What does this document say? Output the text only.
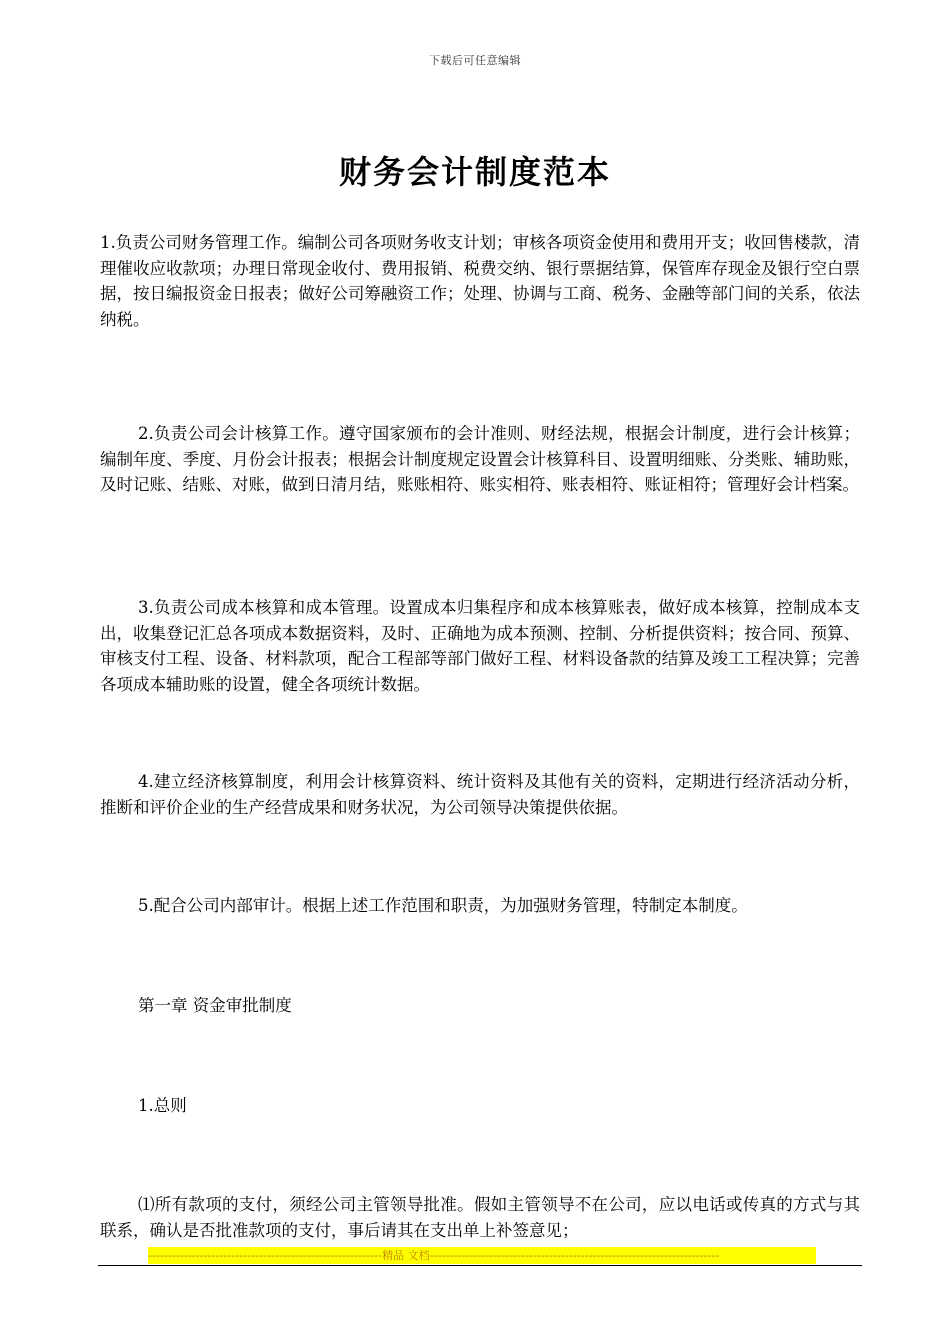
下载后可任意编辑
财务会计制度范本

1.负责公司财务管理工作。编制公司各项财务收支计划；审核各项资金使用和费用开支；收回售楼款，清理催收应收款项；办理日常现金收付、费用报销、税费交纳、银行票据结算，保管库存现金及银行空白票据，按日编报资金日报表；做好公司筹融资工作；处理、协调与工商、税务、金融等部门间的关系，依法纳税。

2.负责公司会计核算工作。遵守国家颁布的会计准则、财经法规，根据会计制度，进行会计核算；编制年度、季度、月份会计报表；根据会计制度规定设置会计核算科目、设置明细账、分类账、辅助账，及时记账、结账、对账，做到日清月结，账账相符、账实相符、账表相符、账证相符；管理好会计档案。

3.负责公司成本核算和成本管理。设置成本归集程序和成本核算账表，做好成本核算，控制成本支出，收集登记汇总各项成本数据资料，及时、正确地为成本预测、控制、分析提供资料；按合同、预算、审核支付工程、设备、材料款项，配合工程部等部门做好工程、材料设备款的结算及竣工工程决算；完善各项成本辅助账的设置，健全各项统计数据。

4.建立经济核算制度，利用会计核算资料、统计资料及其他有关的资料，定期进行经济活动分析，推断和评价企业的生产经营成果和财务状况，为公司领导决策提供依据。

5.配合公司内部审计。根据上述工作范围和职责，为加强财务管理，特制定本制度。

第一章 资金审批制度

1.总则

⑴所有款项的支付，须经公司主管领导批准。假如主管领导不在公司，应以电话或传真的方式与其联系，确认是否批准款项的支付，事后请其在支出单上补签意见；

-----------------------------------------------------------精品 文档-------------------------------------------------------------------------
